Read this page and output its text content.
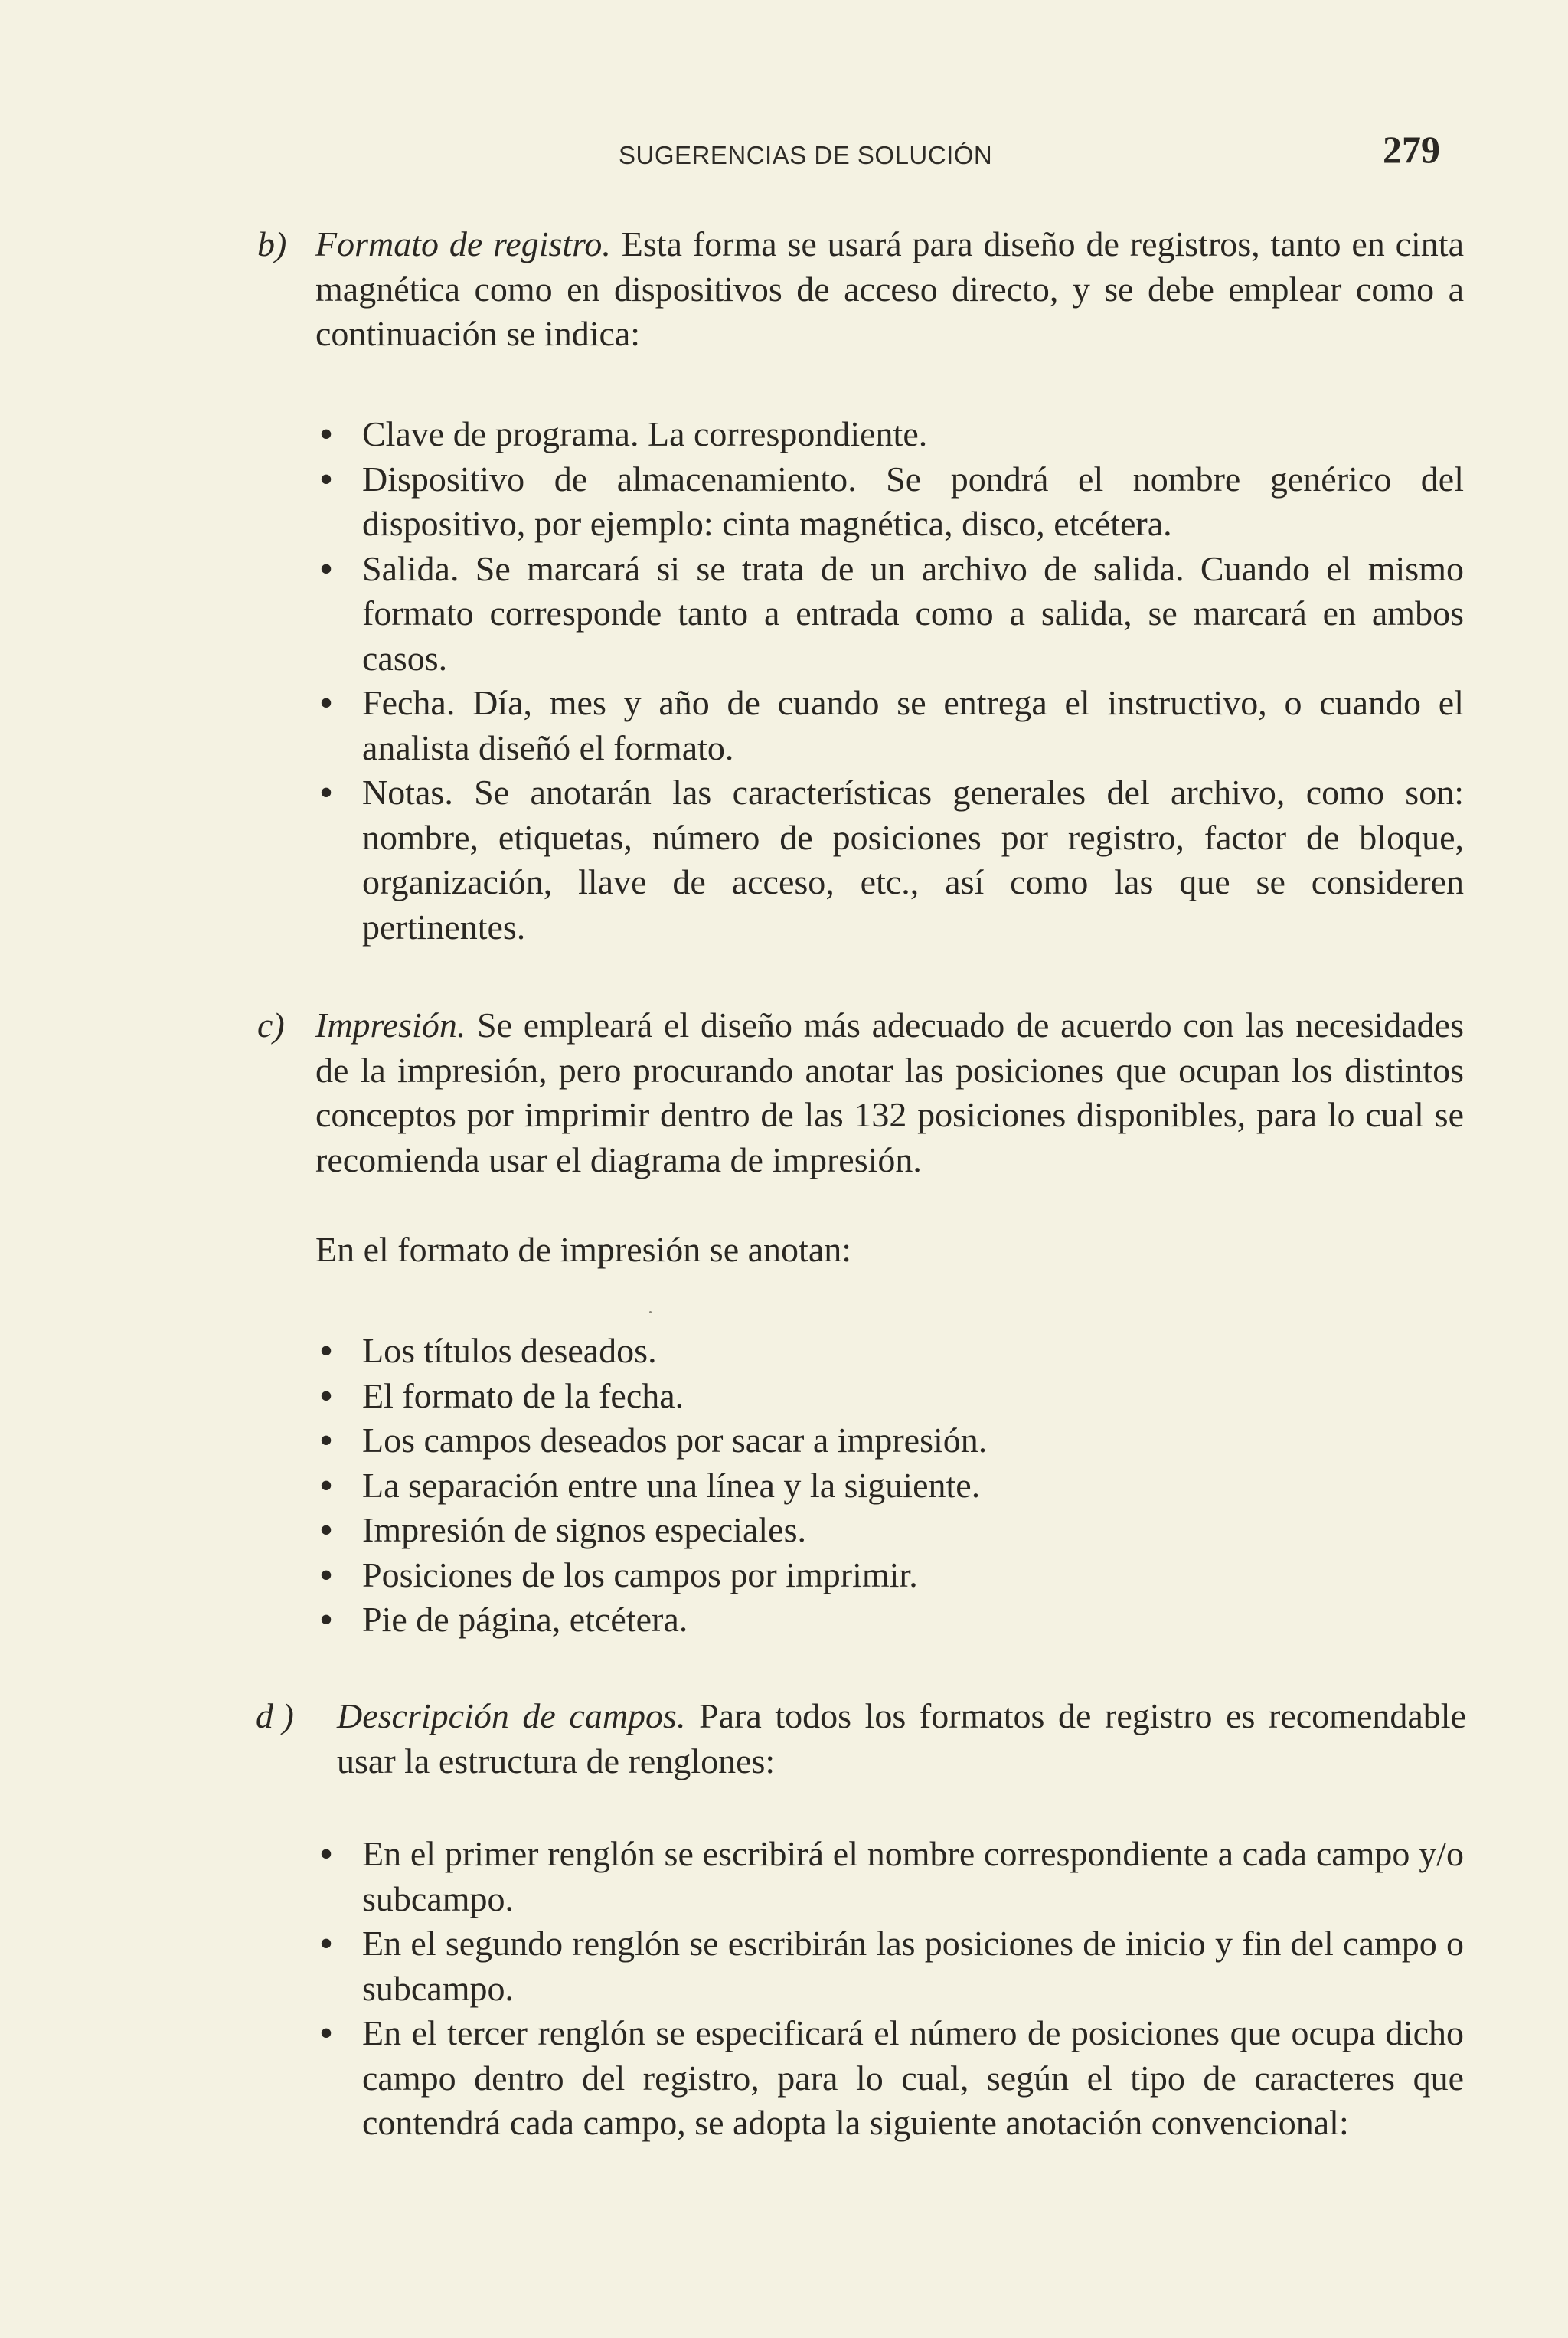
SUGERENCIAS DE SOLUCIÓN	279

b) Formato de registro. Esta forma se usará para diseño de registros, tanto en cinta magnética como en dispositivos de acceso directo, y se debe emplear como a continuación se indica:

• Clave de programa. La correspondiente.
• Dispositivo de almacenamiento. Se pondrá el nombre genérico del dispositivo, por ejemplo: cinta magnética, disco, etcétera.
• Salida. Se marcará si se trata de un archivo de salida. Cuando el mismo formato corresponde tanto a entrada como a salida, se marcará en ambos casos.
• Fecha. Día, mes y año de cuando se entrega el instructivo, o cuando el analista diseñó el formato.
• Notas. Se anotarán las características generales del archivo, como son: nombre, etiquetas, número de posiciones por registro, factor de bloque, organización, llave de acceso, etc., así como las que se consideren pertinentes.

c) Impresión. Se empleará el diseño más adecuado de acuerdo con las necesidades de la impresión, pero procurando anotar las posiciones que ocupan los distintos conceptos por imprimir dentro de las 132 posiciones disponibles, para lo cual se recomienda usar el diagrama de impresión.

En el formato de impresión se anotan:

• Los títulos deseados.
• El formato de la fecha.
• Los campos deseados por sacar a impresión.
• La separación entre una línea y la siguiente.
• Impresión de signos especiales.
• Posiciones de los campos por imprimir.
• Pie de página, etcétera.

d ) Descripción de campos. Para todos los formatos de registro es recomendable usar la estructura de renglones:

• En el primer renglón se escribirá el nombre correspondiente a cada campo y/o subcampo.
• En el segundo renglón se escribirán las posiciones de inicio y fin del campo o subcampo.
• En el tercer renglón se especificará el número de posiciones que ocupa dicho campo dentro del registro, para lo cual, según el tipo de caracteres que contendrá cada campo, se adopta la siguiente anotación convencional:
